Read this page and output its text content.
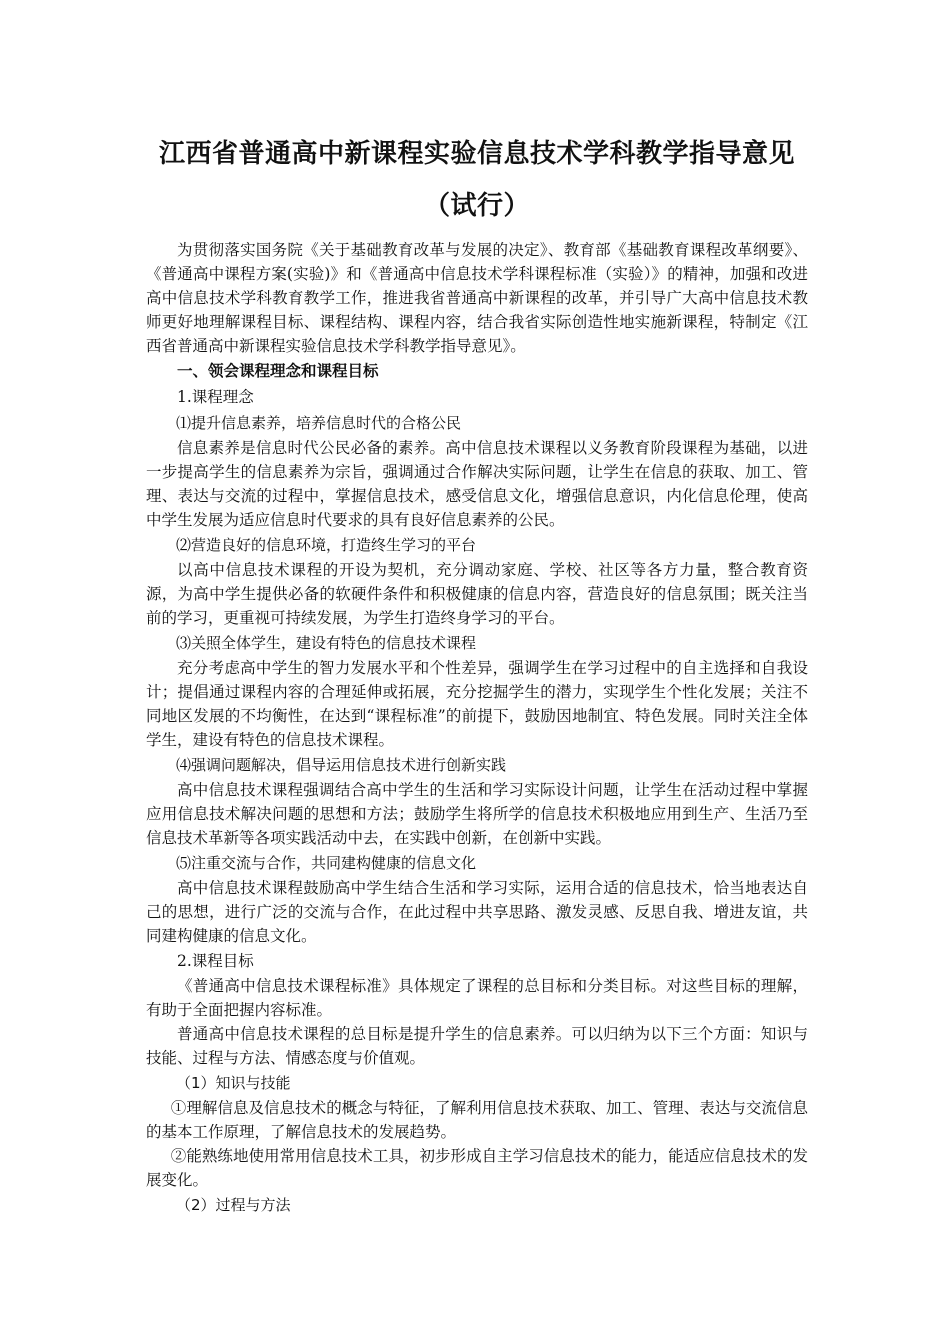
江西省普通高中新课程实验信息技术学科教学指导意见（试行）

为贯彻落实国务院《关于基础教育改革与发展的决定》、教育部《基础教育课程改革纲要》、《普通高中课程方案(实验)》和《普通高中信息技术学科课程标准（实验）》的精神，加强和改进高中信息技术学科教育教学工作，推进我省普通高中新课程的改革，并引导广大高中信息技术教师更好地理解课程目标、课程结构、课程内容，结合我省实际创造性地实施新课程，特制定《江西省普通高中新课程实验信息技术学科教学指导意见》。

一、领会课程理念和课程目标
1.课程理念
⑴提升信息素养，培养信息时代的合格公民

信息素养是信息时代公民必备的素养。高中信息技术课程以义务教育阶段课程为基础，以进一步提高学生的信息素养为宗旨，强调通过合作解决实际问题，让学生在信息的获取、加工、管理、表达与交流的过程中，掌握信息技术，感受信息文化，增强信息意识，内化信息伦理，使高中学生发展为适应信息时代要求的具有良好信息素养的公民。

⑵营造良好的信息环境，打造终生学习的平台

以高中信息技术课程的开设为契机，充分调动家庭、学校、社区等各方力量，整合教育资源，为高中学生提供必备的软硬件条件和积极健康的信息内容，营造良好的信息氛围；既关注当前的学习，更重视可持续发展，为学生打造终身学习的平台。

⑶关照全体学生，建设有特色的信息技术课程

充分考虑高中学生的智力发展水平和个性差异，强调学生在学习过程中的自主选择和自我设计；提倡通过课程内容的合理延伸或拓展，充分挖掘学生的潜力，实现学生个性化发展；关注不同地区发展的不均衡性，在达到“课程标准”的前提下，鼓励因地制宜、特色发展。同时关注全体学生，建设有特色的信息技术课程。

⑷强调问题解决，倡导运用信息技术进行创新实践

高中信息技术课程强调结合高中学生的生活和学习实际设计问题，让学生在活动过程中掌握应用信息技术解决问题的思想和方法；鼓励学生将所学的信息技术积极地应用到生产、生活乃至信息技术革新等各项实践活动中去，在实践中创新，在创新中实践。

⑸注重交流与合作，共同建构健康的信息文化

高中信息技术课程鼓励高中学生结合生活和学习实际，运用合适的信息技术，恰当地表达自己的思想，进行广泛的交流与合作，在此过程中共享思路、激发灵感、反思自我、增进友谊，共同建构健康的信息文化。

2.课程目标

《普通高中信息技术课程标准》具体规定了课程的总目标和分类目标。对这些目标的理解，有助于全面把握内容标准。

普通高中信息技术课程的总目标是提升学生的信息素养。可以归纳为以下三个方面：知识与技能、过程与方法、情感态度与价值观。

（1）知识与技能

①理解信息及信息技术的概念与特征，了解利用信息技术获取、加工、管理、表达与交流信息的基本工作原理，了解信息技术的发展趋势。

②能熟练地使用常用信息技术工具，初步形成自主学习信息技术的能力，能适应信息技术的发展变化。

（2）过程与方法
